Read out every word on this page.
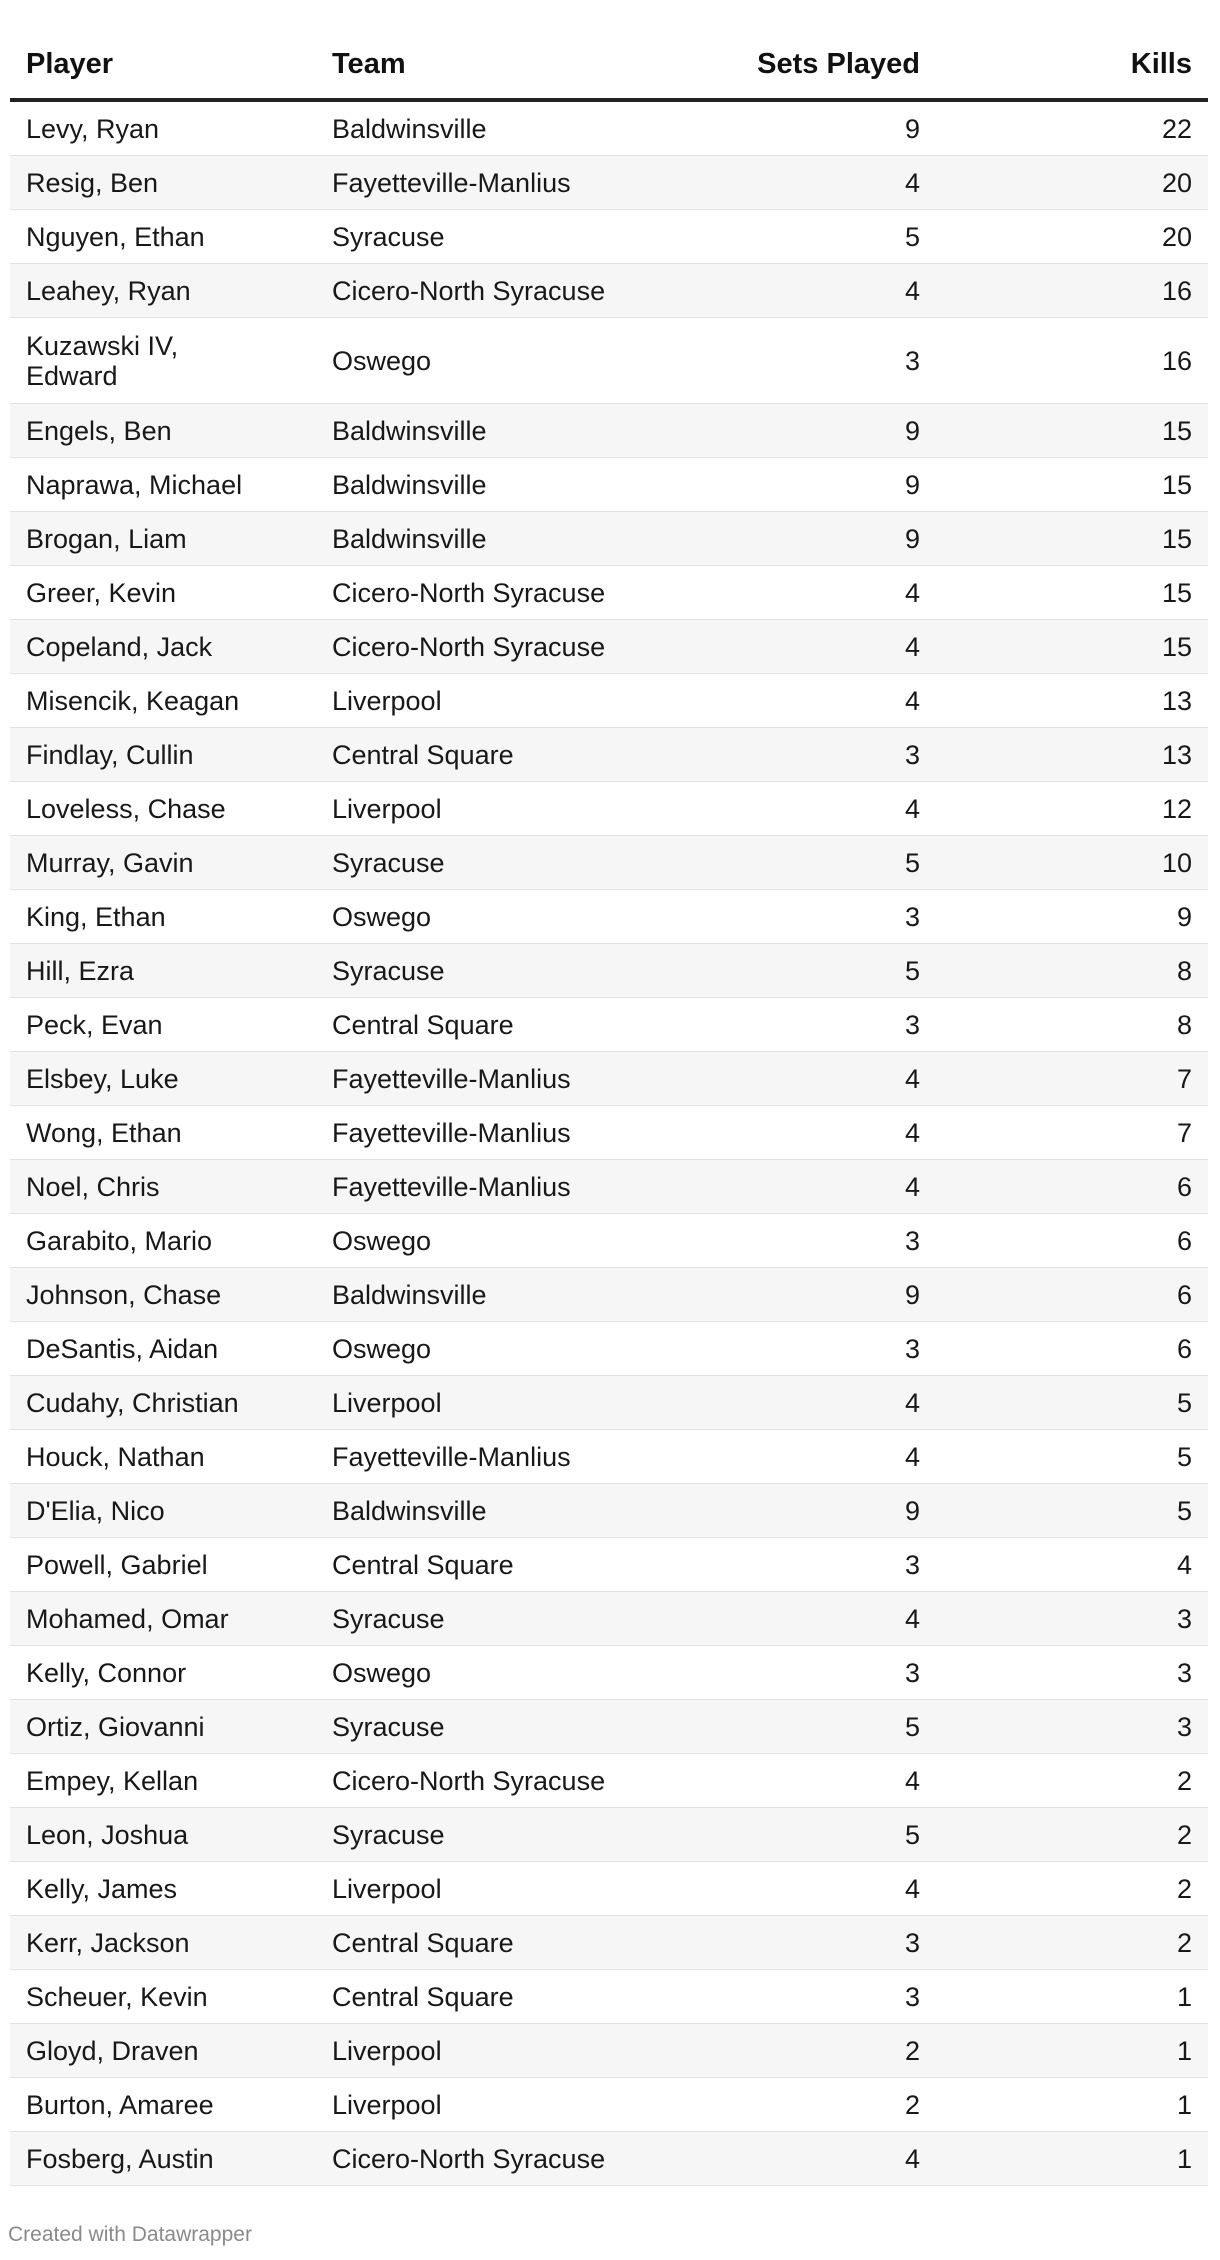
Player	Team	Sets Played	Kills
Levy, Ryan	Baldwinsville	9	22
Resig, Ben	Fayetteville-Manlius	4	20
Nguyen, Ethan	Syracuse	5	20
Leahey, Ryan	Cicero-North Syracuse	4	16
Kuzawski IV, Edward	Oswego	3	16
Engels, Ben	Baldwinsville	9	15
Naprawa, Michael	Baldwinsville	9	15
Brogan, Liam	Baldwinsville	9	15
Greer, Kevin	Cicero-North Syracuse	4	15
Copeland, Jack	Cicero-North Syracuse	4	15
Misencik, Keagan	Liverpool	4	13
Findlay, Cullin	Central Square	3	13
Loveless, Chase	Liverpool	4	12
Murray, Gavin	Syracuse	5	10
King, Ethan	Oswego	3	9
Hill, Ezra	Syracuse	5	8
Peck, Evan	Central Square	3	8
Elsbey, Luke	Fayetteville-Manlius	4	7
Wong, Ethan	Fayetteville-Manlius	4	7
Noel, Chris	Fayetteville-Manlius	4	6
Garabito, Mario	Oswego	3	6
Johnson, Chase	Baldwinsville	9	6
DeSantis, Aidan	Oswego	3	6
Cudahy, Christian	Liverpool	4	5
Houck, Nathan	Fayetteville-Manlius	4	5
D'Elia, Nico	Baldwinsville	9	5
Powell, Gabriel	Central Square	3	4
Mohamed, Omar	Syracuse	4	3
Kelly, Connor	Oswego	3	3
Ortiz, Giovanni	Syracuse	5	3
Empey, Kellan	Cicero-North Syracuse	4	2
Leon, Joshua	Syracuse	5	2
Kelly, James	Liverpool	4	2
Kerr, Jackson	Central Square	3	2
Scheuer, Kevin	Central Square	3	1
Gloyd, Draven	Liverpool	2	1
Burton, Amaree	Liverpool	2	1
Fosberg, Austin	Cicero-North Syracuse	4	1
Created with Datawrapper
